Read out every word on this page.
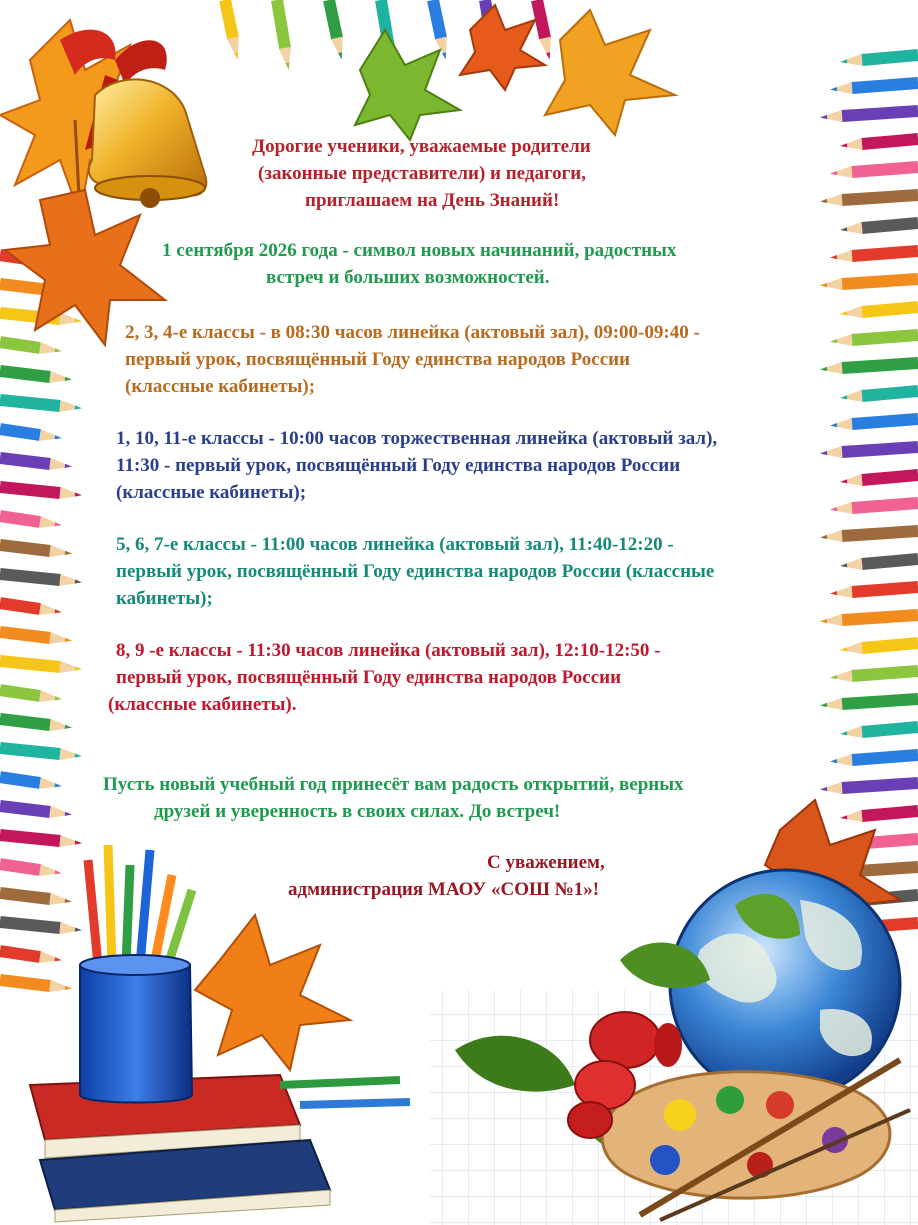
Дорогие ученики, уважаемые родители
(законные представители) и педагоги,
приглашаем на День Знаний!
1 сентября 2026 года - символ новых начинаний, радостных
встреч и больших возможностей.
2, 3, 4-е классы - в 08:30 часов линейка (актовый зал), 09:00-09:40 -
первый урок, посвящённый Году единства народов России
(классные кабинеты);
1, 10, 11-е классы - 10:00 часов торжественная линейка (актовый зал),
11:30 - первый урок, посвящённый Году единства народов России
(классные кабинеты);
5, 6, 7-е классы - 11:00 часов линейка (актовый зал), 11:40-12:20 -
первый урок, посвящённый Году единства народов России (классные
кабинеты);
8, 9 -е классы - 11:30 часов линейка (актовый зал), 12:10-12:50 -
первый урок, посвящённый Году единства народов России
(классные кабинеты).
Пусть новый учебный год принесёт вам радость открытий, верных
друзей и уверенность в своих силах. До встреч!
С уважением,
администрация МАОУ «СОШ №1»!
